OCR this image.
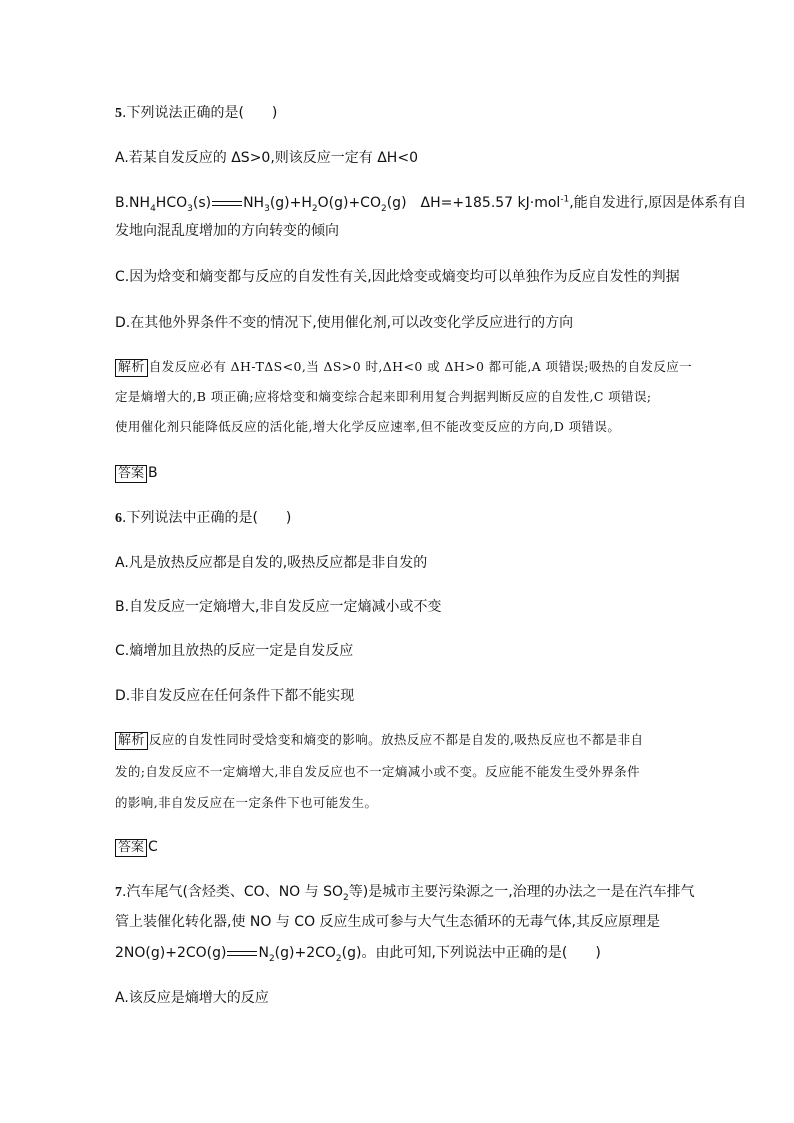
5.下列说法正确的是(　　)
A.若某自发反应的 ΔS>0,则该反应一定有 ΔH<0
$B.NH_4HCO_3(s)$ $NH_3(g)+H_2O(g)+CO_2(g)$　ΔH=+185.57 kJ·mol$^{-1}$,能自发进行,原因是体系有自
发地向混乱度增加的方向转变的倾向
C.因为焓变和熵变都与反应的自发性有关,因此焓变或熵变均可以单独作为反应自发性的判据
D.在其他外界条件不变的情况下,使用催化剂,可以改变化学反应进行的方向
解析 自发反应必有 ΔH-TΔS<0,当 ΔS>0 时,ΔH<0 或 ΔH>0 都可能,A 项错误;吸热的自发反应一
定是熵增大的,B 项正确;应将焓变和熵变综合起来即利用复合判据判断反应的自发性,C 项错误;
使用催化剂只能降低反应的活化能,增大化学反应速率,但不能改变反应的方向,D 项错误。
答案 B
6.下列说法中正确的是(　　)
A.凡是放热反应都是自发的,吸热反应都是非自发的
B.自发反应一定熵增大,非自发反应一定熵减小或不变
C.熵增加且放热的反应一定是自发反应
D.非自发反应在任何条件下都不能实现
解析 反应的自发性同时受焓变和熵变的影响。放热反应不都是自发的,吸热反应也不都是非自
发的;自发反应不一定熵增大,非自发反应也不一定熵减小或不变。反应能不能发生受外界条件
的影响,非自发反应在一定条件下也可能发生。
答案 C
7.汽车尾气(含烃类、CO、NO 与 $SO_2$等)是城市主要污染源之一,治理的办法之一是在汽车排气
管上装催化转化器,使 NO 与 CO 反应生成可参与大气生态循环的无毒气体,其反应原理是
2NO(g)+2CO(g) $N_2(g)+2CO_2(g)$。由此可知,下列说法中正确的是(　　)
A.该反应是熵增大的反应
